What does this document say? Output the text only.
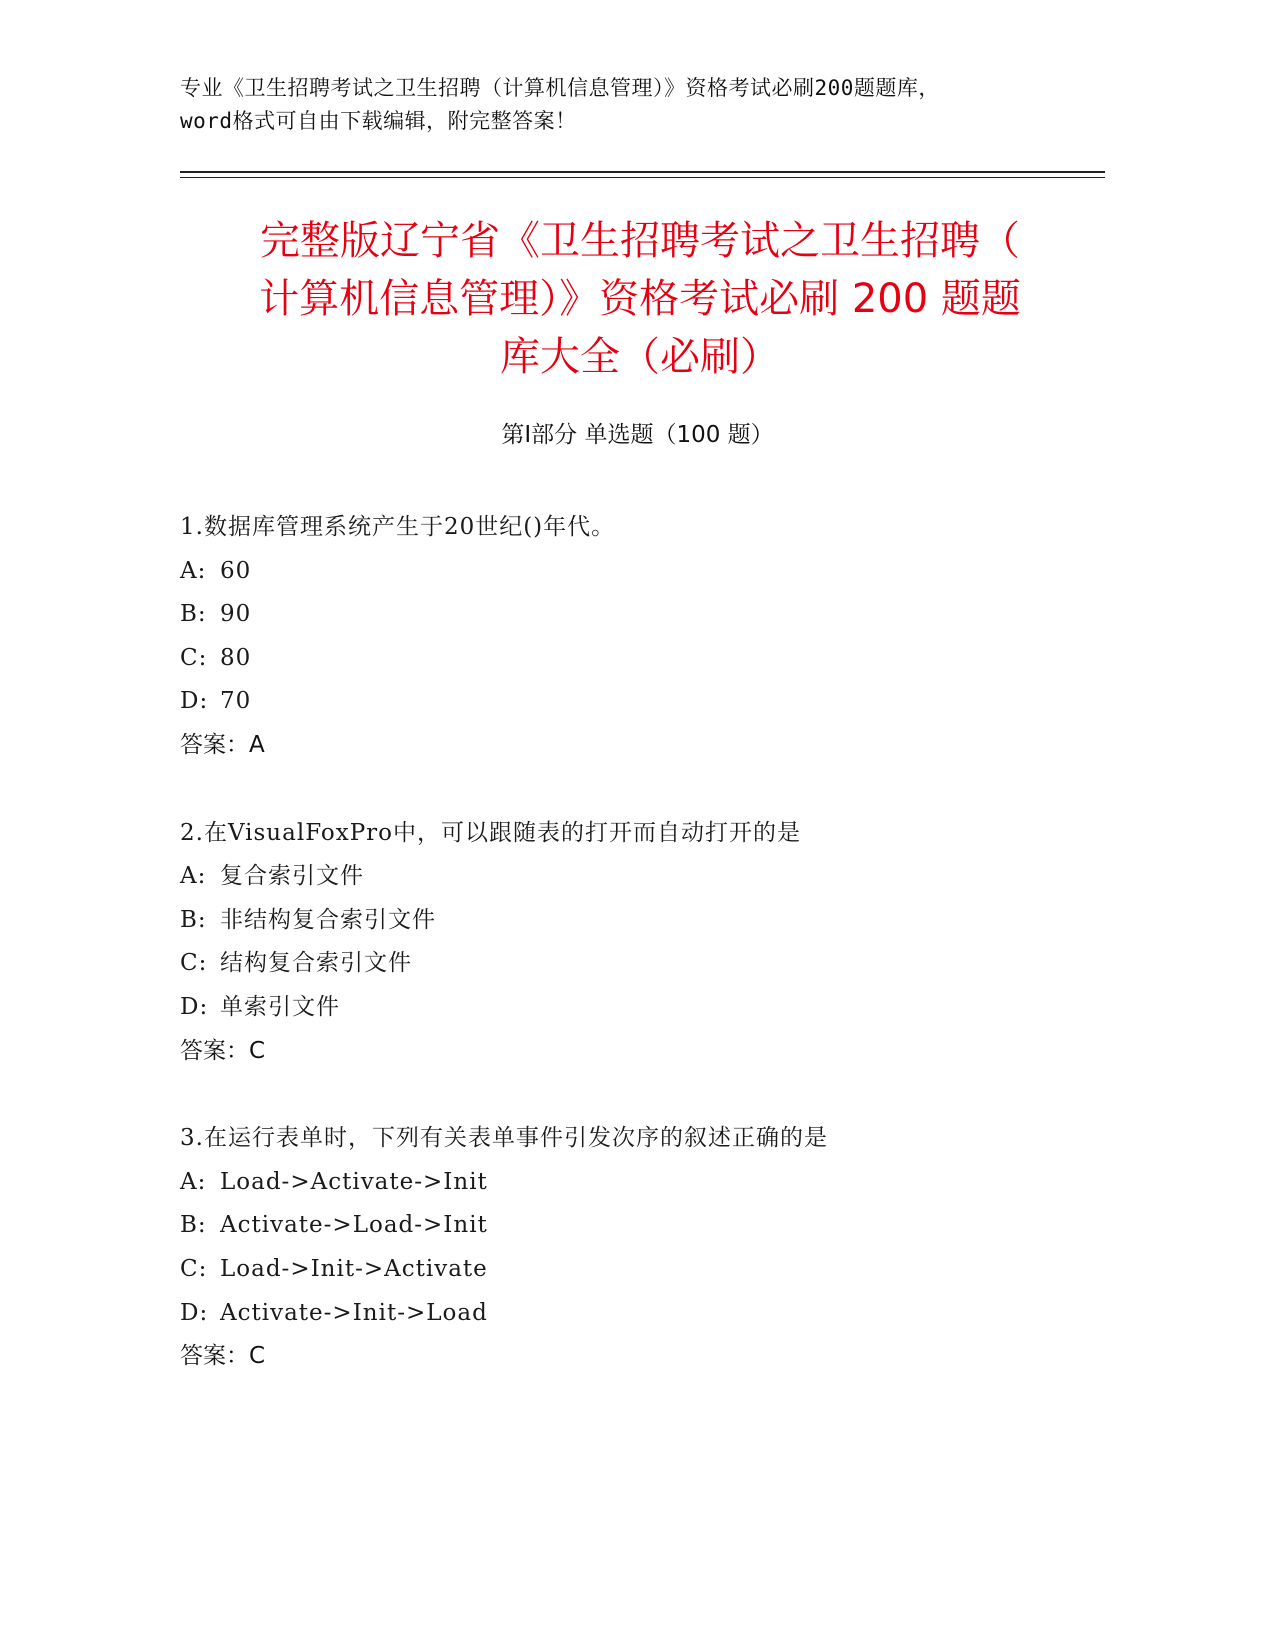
专业《卫生招聘考试之卫生招聘（计算机信息管理）》资格考试必刷200题题库，
word格式可自由下载编辑，附完整答案！
完整版辽宁省《卫生招聘考试之卫生招聘（
计算机信息管理）》资格考试必刷 200 题题
库大全（必刷）
第Ⅰ部分 单选题（100 题）
1.数据库管理系统产生于20世纪()年代。
A: 60
B: 90
C: 80
D: 70
答案：A
2.在VisualFoxPro中，可以跟随表的打开而自动打开的是
A: 复合索引文件
B: 非结构复合索引文件
C: 结构复合索引文件
D: 单索引文件
答案：C
3.在运行表单时，下列有关表单事件引发次序的叙述正确的是
A: Load->Activate->Init
B: Activate->Load->Init
C: Load->Init->Activate
D: Activate->Init->Load
答案：C
